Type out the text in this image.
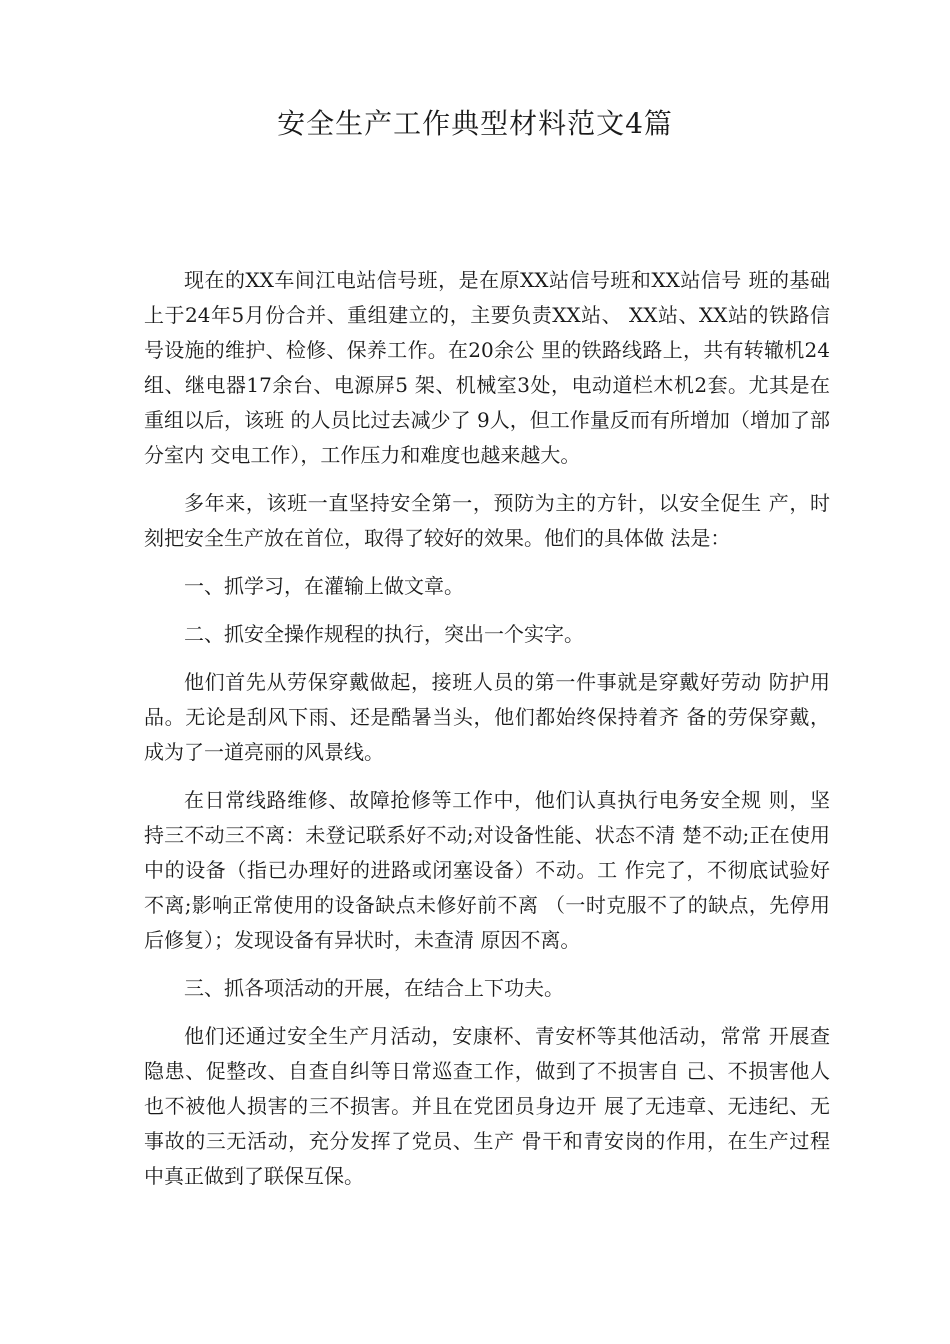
安全生产工作典型材料范文4篇

现在的XX车间江电站信号班，是在原XX站信号班和XX站信号 班的基础上于24年5月份合并、重组建立的，主要负责XX站、 XX站、XX站的铁路信号设施的维护、检修、保养工作。在20余公 里的铁路线路上，共有转辙机24组、继电器17余台、电源屏5 架、机械室3处，电动道栏木机2套。尤其是在重组以后，该班 的人员比过去减少了 9人，但工作量反而有所增加（增加了部分室内 交电工作），工作压力和难度也越来越大。

多年来，该班一直坚持安全第一，预防为主的方针，以安全促生 产，时刻把安全生产放在首位，取得了较好的效果。他们的具体做 法是：

一、抓学习，在灌输上做文章。

二、抓安全操作规程的执行，突出一个实字。

他们首先从劳保穿戴做起，接班人员的第一件事就是穿戴好劳动 防护用品。无论是刮风下雨、还是酷暑当头，他们都始终保持着齐 备的劳保穿戴，成为了一道亮丽的风景线。

在日常线路维修、故障抢修等工作中，他们认真执行电务安全规 则，坚持三不动三不离：未登记联系好不动;对设备性能、状态不清 楚不动;正在使用中的设备（指已办理好的进路或闭塞设备）不动。工 作完了，不彻底试验好不离;影响正常使用的设备缺点未修好前不离 （一时克服不了的缺点，先停用后修复）；发现设备有异状时，未查清 原因不离。

三、抓各项活动的开展，在结合上下功夫。

他们还通过安全生产月活动，安康杯、青安杯等其他活动，常常 开展查隐患、促整改、自查自纠等日常巡查工作，做到了不损害自 己、不损害他人也不被他人损害的三不损害。并且在党团员身边开 展了无违章、无违纪、无事故的三无活动，充分发挥了党员、生产 骨干和青安岗的作用，在生产过程中真正做到了联保互保。
